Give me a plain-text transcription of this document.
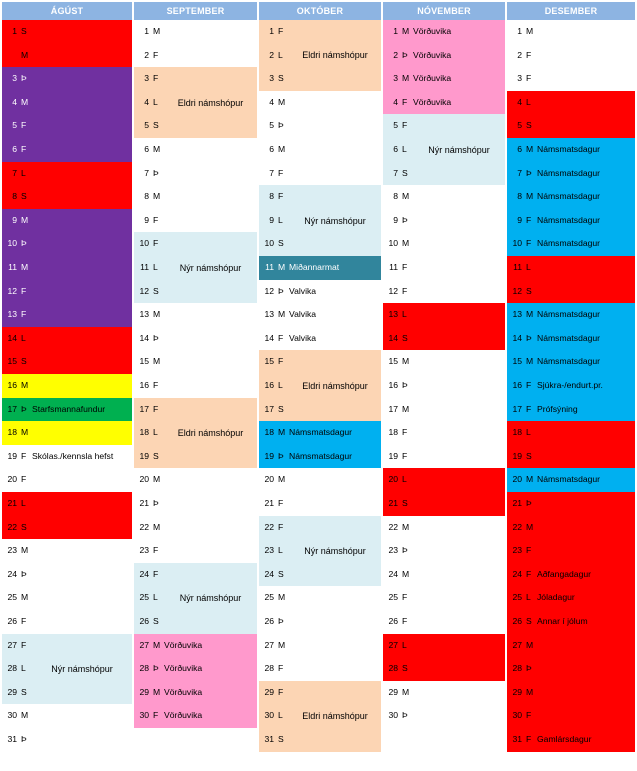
ÁGÚST
1 S
M
3 Þ
4 M
5 F
6 F
7 L
8 S
9 M
10 Þ
11 M
12 F
13 F
14 L
15 S
16 M
17 Þ Starfsmannafundur
18 M
19 F Skólas./kennsla hefst
20 F
21 L
22 S
23 M
24 Þ
25 M
26 F
27 F
28 L
29 S
30 M
31 Þ
Nýr námshópur
SEPTEMBER
1 M
2 F
3 F
4 L
5 S
6 M
7 Þ
8 M
9 F
10 F
11 L
12 S
13 M
14 Þ
15 M
16 F
17 F
18 L
19 S
20 M
21 Þ
22 M
23 F
24 F
25 L
26 S
27 M Vörðuvika
28 Þ Vörðuvika
29 M Vörðuvika
30 F Vörðuvika
Eldri námshópur
Nýr námshópur
Eldri námshópur
Nýr námshópur
OKTÓBER
1 F
2 L
3 S
4 M
5 Þ
6 M
7 F
8 F
9 L
10 S
11 M Miðannarmat
12 Þ Valvika
13 M Valvika
14 F Valvika
15 F
16 L
17 S
18 M Námsmatsdagur
19 Þ Námsmatsdagur
20 M
21 F
22 F
23 L
24 S
25 M
26 Þ
27 M
28 F
29 F
30 L
31 S
Eldri námshópur
Nýr námshópur
Eldri námshópur
Nýr námshópur
Eldri námshópur
NÓVEMBER
1 M Vörðuvika
2 Þ Vörðuvika
3 M Vörðuvika
4 F Vörðuvika
5 F
6 L
7 S
8 M
9 Þ
10 M
11 F
12 F
13 L
14 S
15 M
16 Þ
17 M
18 F
19 F
20 L
21 S
22 M
23 Þ
24 M
25 F
26 F
27 L
28 S
29 M
30 Þ
Nýr námshópur
DESEMBER
1 M
2 F
3 F
4 L
5 S
6 M Námsmatsdagur
7 Þ Námsmatsdagur
8 M Námsmatsdagur
9 F Námsmatsdagur
10 F Námsmatsdagur
11 L
12 S
13 M Námsmatsdagur
14 Þ Námsmatsdagur
15 M Námsmatsdagur
16 F Sjúkra-/endurt.pr.
17 F Prófsýning
18 L
19 S
20 M Námsmatsdagur
21 Þ
22 M
23 F
24 F Aðfangadagur
25 L Jóladagur
26 S Annar í jólum
27 M
28 Þ
29 M
30 F
31 F Gamlársdagur
